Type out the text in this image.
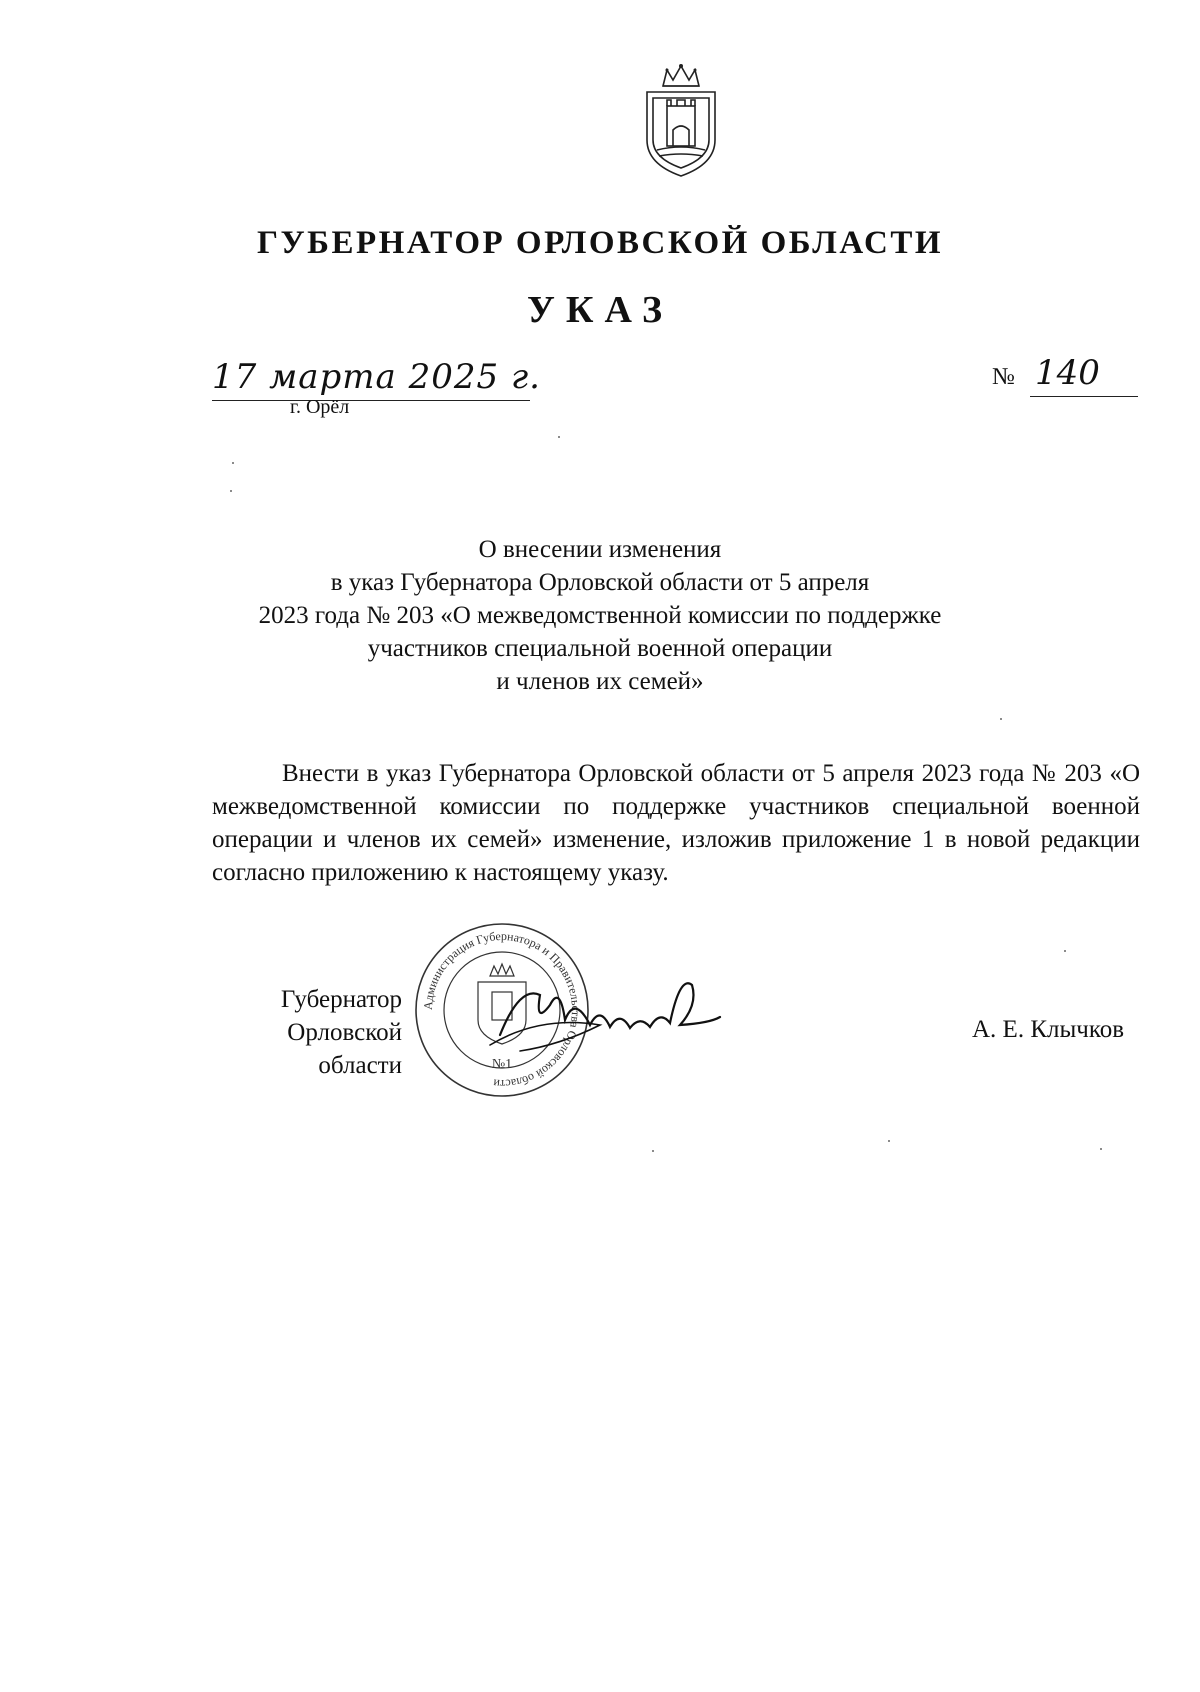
ГУБЕРНАТОР ОРЛОВСКОЙ ОБЛАСТИ
УКАЗ
17 марта 2025 г.
г. Орёл
№ 140
О внесении изменения
в указ Губернатора Орловской области от 5 апреля
2023 года № 203 «О межведомственной комиссии по поддержке
участников специальной военной операции
и членов их семей»
Внести в указ Губернатора Орловской области от 5 апреля 2023 года № 203 «О межведомственной комиссии по поддержке участников специальной военной операции и членов их семей» изменение, изложив приложение 1 в новой редакции согласно приложению к настоящему указу.
Губернатор
Орловской области
А. Е. Клычков
Администрация Губернатора и Правительства Орловской области
№1
